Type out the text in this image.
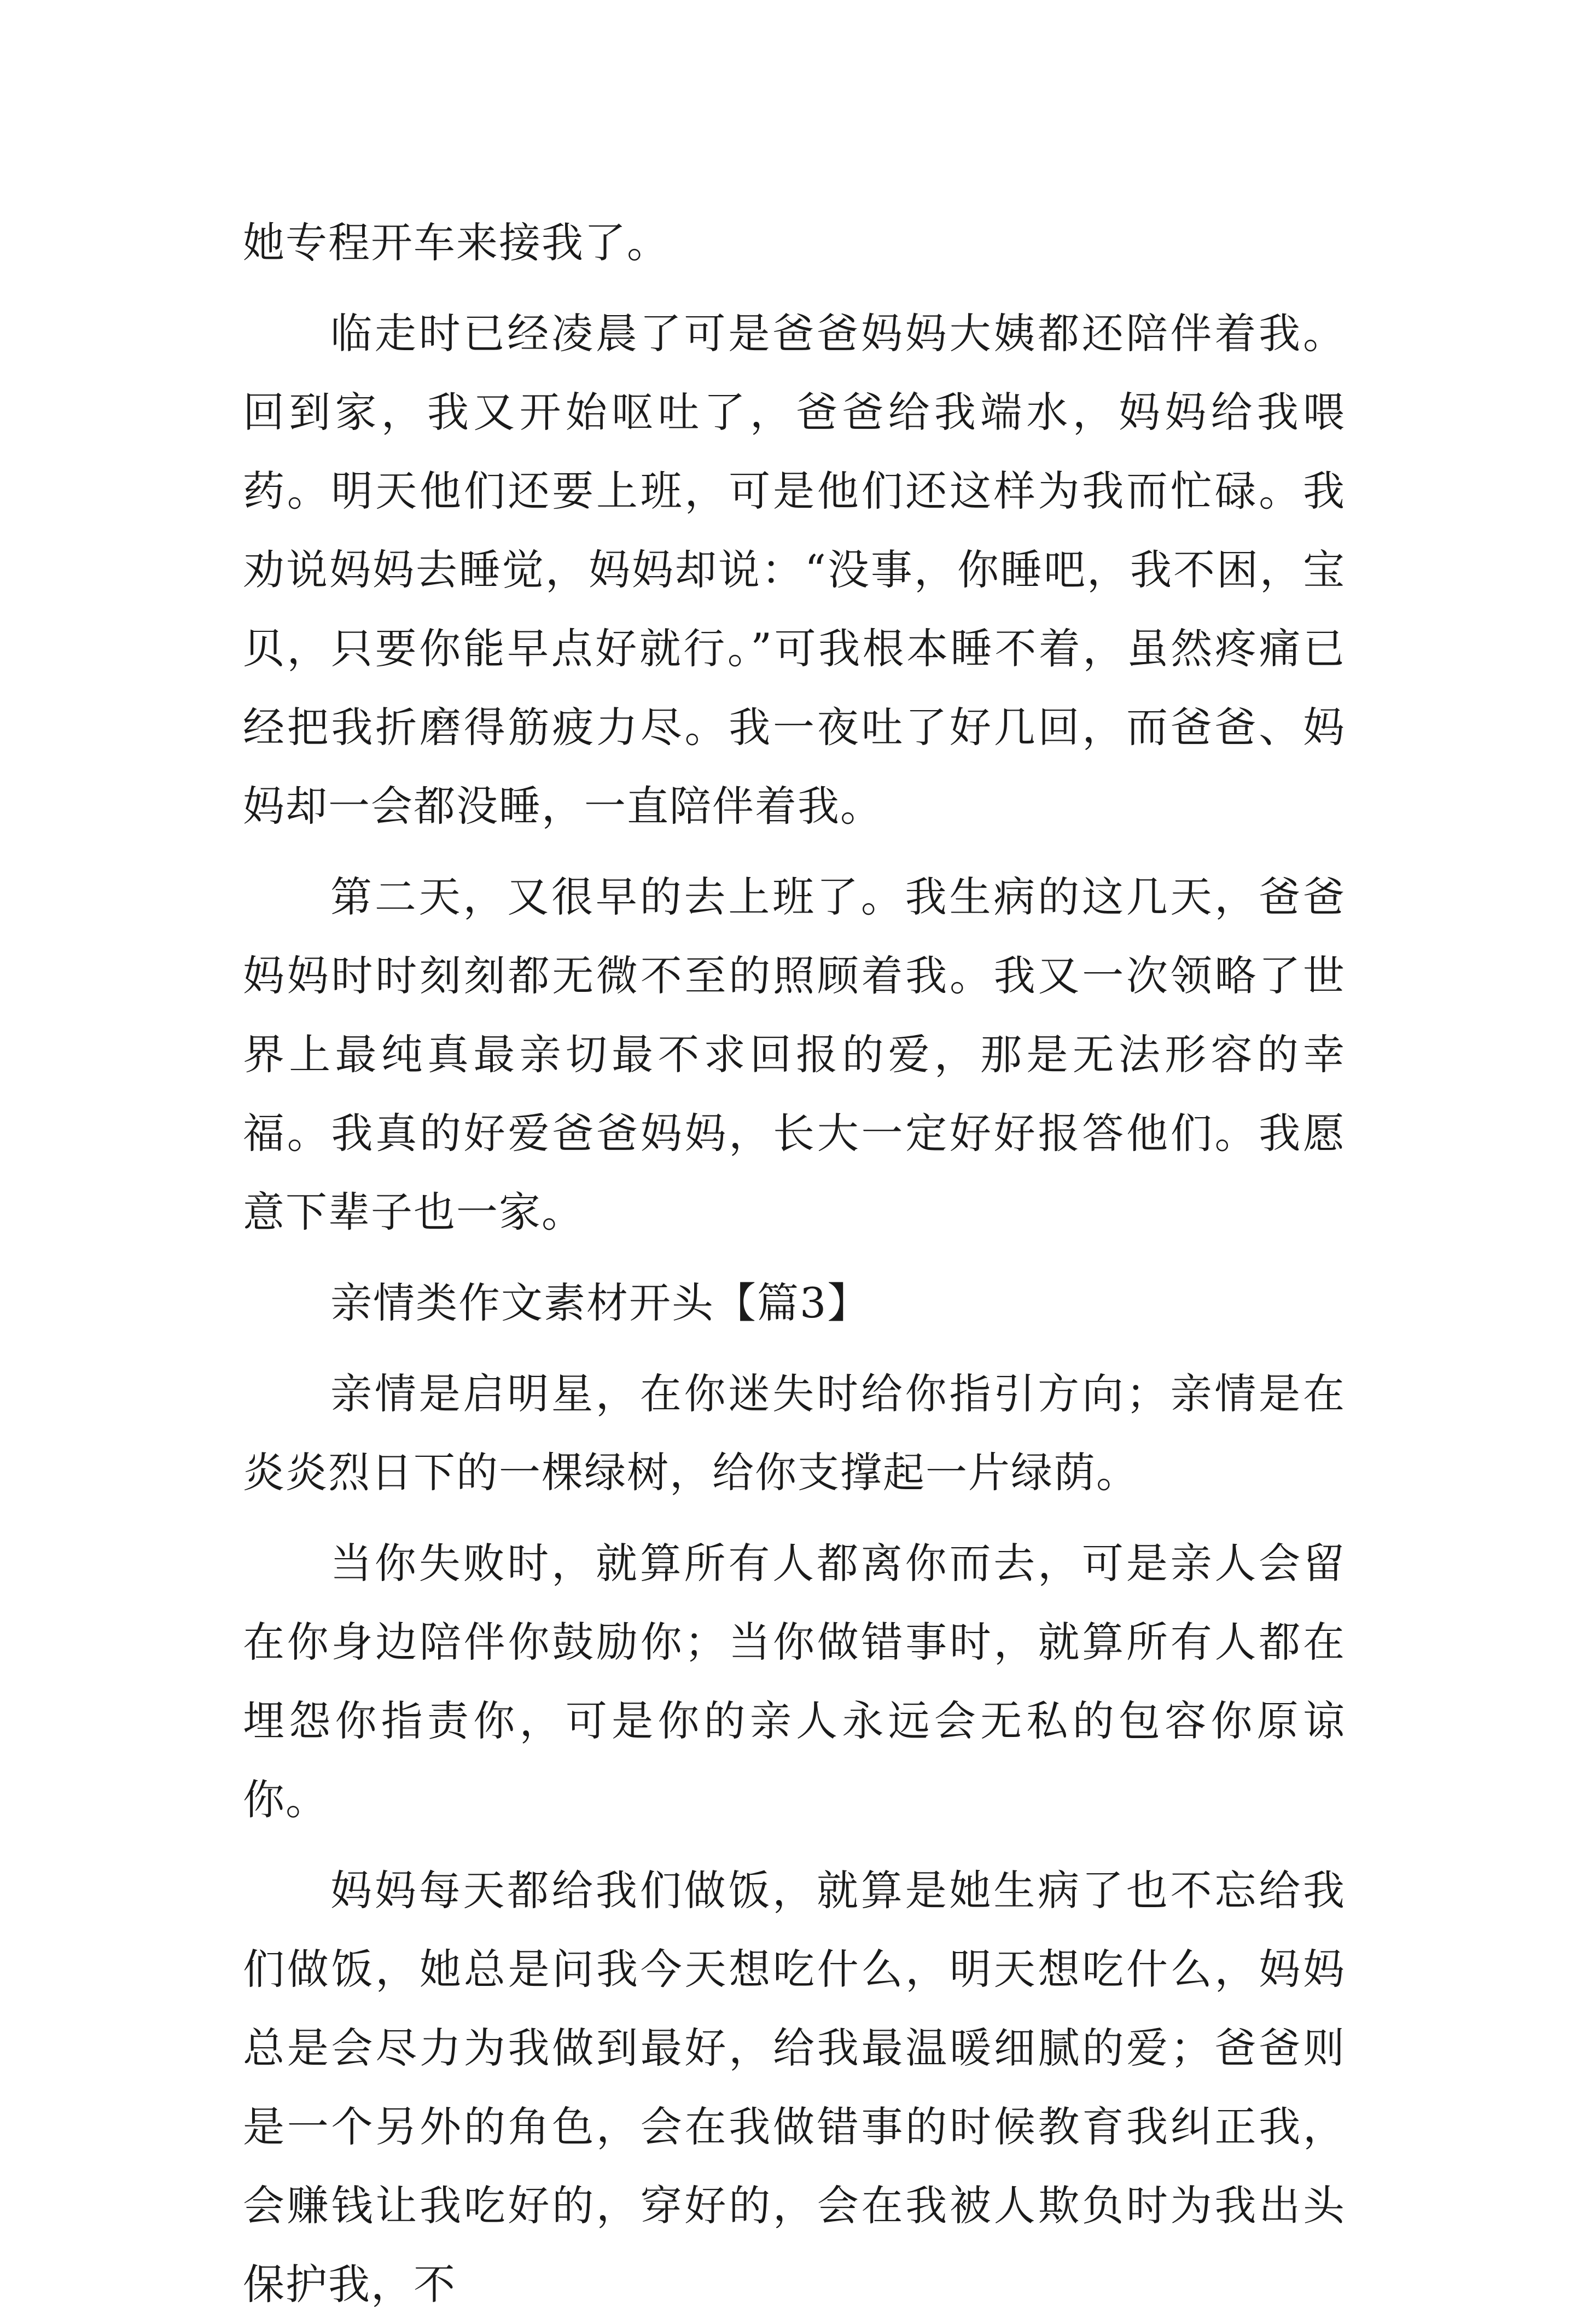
她专程开车来接我了。

临走时已经凌晨了可是爸爸妈妈大姨都还陪伴着我。回到家，我又开始呕吐了，爸爸给我端水，妈妈给我喂药。明天他们还要上班，可是他们还这样为我而忙碌。我劝说妈妈去睡觉，妈妈却说：“没事，你睡吧，我不困，宝贝，只要你能早点好就行。”可我根本睡不着，虽然疼痛已经把我折磨得筋疲力尽。我一夜吐了好几回，而爸爸、妈妈却一会都没睡，一直陪伴着我。

第二天，又很早的去上班了。我生病的这几天，爸爸妈妈时时刻刻都无微不至的照顾着我。我又一次领略了世界上最纯真最亲切最不求回报的爱，那是无法形容的幸福。我真的好爱爸爸妈妈，长大一定好好报答他们。我愿意下辈子也一家。

亲情类作文素材开头【篇3】

亲情是启明星，在你迷失时给你指引方向；亲情是在炎炎烈日下的一棵绿树，给你支撑起一片绿荫。

当你失败时，就算所有人都离你而去，可是亲人会留在你身边陪伴你鼓励你；当你做错事时，就算所有人都在埋怨你指责你，可是你的亲人永远会无私的包容你原谅你。

妈妈每天都给我们做饭，就算是她生病了也不忘给我们做饭，她总是问我今天想吃什么，明天想吃什么，妈妈总是会尽力为我做到最好，给我最温暖细腻的爱；爸爸则是一个另外的角色，会在我做错事的时候教育我纠正我，会赚钱让我吃好的，穿好的，会在我被人欺负时为我出头保护我，不
